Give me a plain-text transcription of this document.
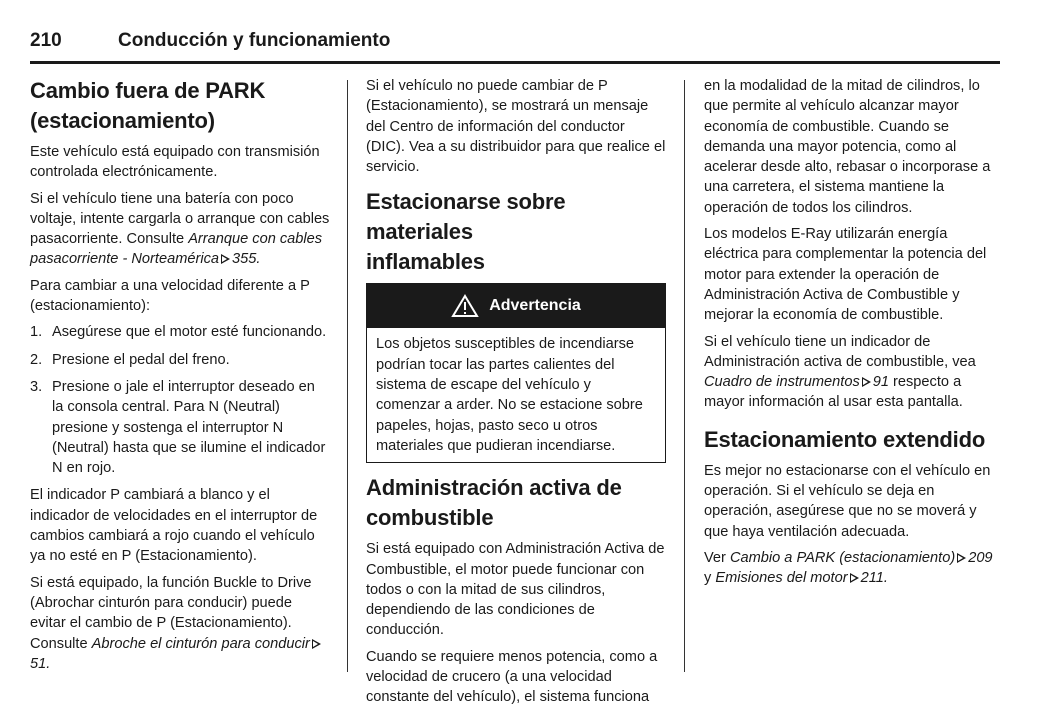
210	Conducción y funcionamiento
Cambio fuera de PARK
(estacionamiento)

Este vehículo está equipado con transmisión controlada electrónicamente.

Si el vehículo tiene una batería con poco voltaje, intente cargarla o arranque con cables pasacorriente. Consulte Arranque con cables pasacorriente - Norteamérica 355.

Para cambiar a una velocidad diferente a P (estacionamiento):

1. Asegúrese que el motor esté funcionando.
2. Presione el pedal del freno.
3. Presione o jale el interruptor deseado en la consola central. Para N (Neutral) presione y sostenga el interruptor N (Neutral) hasta que se ilumine el indicador N en rojo.

El indicador P cambiará a blanco y el indicador de velocidades en el interruptor de cambios cambiará a rojo cuando el vehículo ya no esté en P (Estacionamiento).

Si está equipado, la función Buckle to Drive (Abrochar cinturón para conducir) puede evitar el cambio de P (Estacionamiento). Consulte Abroche el cinturón para conducir51.

Si el vehículo no puede cambiar de P (Estacionamiento), se mostrará un mensaje del Centro de información del conductor (DIC). Vea a su distribuidor para que realice el servicio.

Estacionarse sobre materiales
inflamables
Advertencia
Los objetos susceptibles de incendiarse podrían tocar las partes calientes del sistema de escape del vehículo y comenzar a arder. No se estacione sobre papeles, hojas, pasto seco u otros materiales que pudieran incendiarse.
Administración activa de
combustible

Si está equipado con Administración Activa de Combustible, el motor puede funcionar con todos o con la mitad de sus cilindros, dependiendo de las condiciones de conducción.

Cuando se requiere menos potencia, como a velocidad de crucero (a una velocidad constante del vehículo), el sistema funciona

en la modalidad de la mitad de cilindros, lo que permite al vehículo alcanzar mayor economía de combustible. Cuando se demanda una mayor potencia, como al acelerar desde alto, rebasar o incorporase a una carretera, el sistema mantiene la operación de todos los cilindros.

Los modelos E-Ray utilizarán energía eléctrica para complementar la potencia del motor para extender la operación de Administración Activa de Combustible y mejorar la economía de combustible.

Si el vehículo tiene un indicador de Administración activa de combustible, vea Cuadro de instrumentos 91 respecto a mayor información al usar esta pantalla.

Estacionamiento extendido

Es mejor no estacionarse con el vehículo en operación. Si el vehículo se deja en operación, asegúrese que no se moverá y que haya ventilación adecuada.

Ver Cambio a PARK (estacionamiento) 209
y Emisiones del motor 211.
